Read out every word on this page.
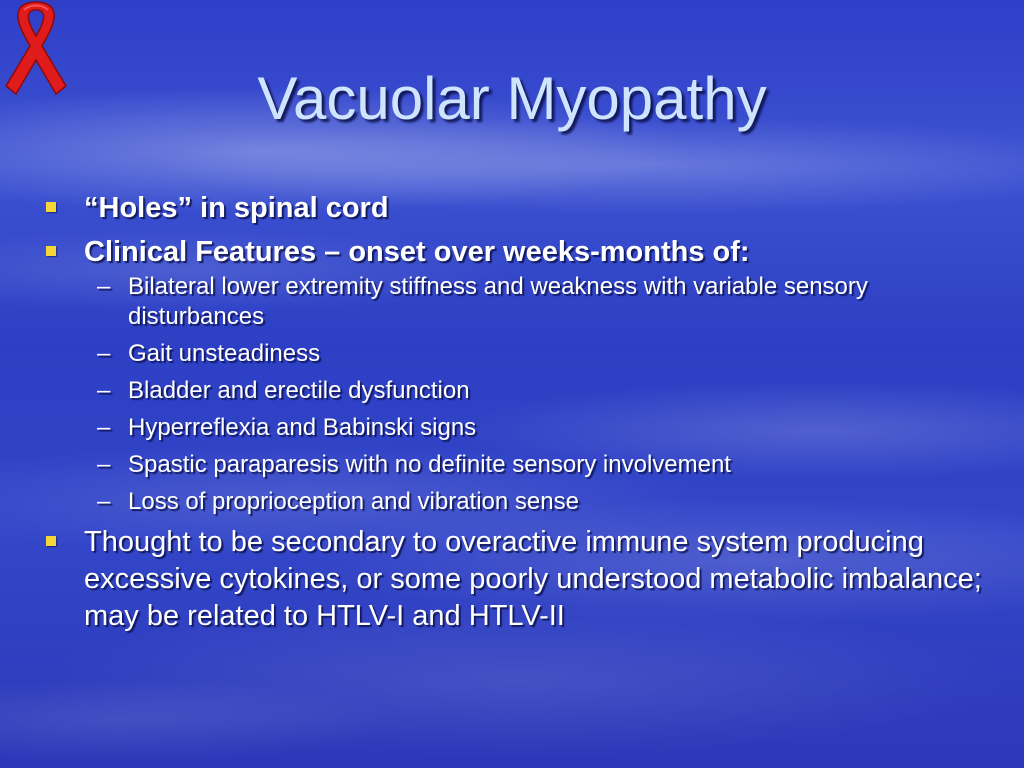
Vacuolar Myopathy
“Holes” in spinal cord
Clinical Features – onset over weeks-months of:
– Bilateral lower extremity stiffness and weakness with variable sensory disturbances
– Gait unsteadiness
– Bladder and erectile dysfunction
– Hyperreflexia and Babinski signs
– Spastic paraparesis with no definite sensory involvement
– Loss of proprioception and vibration sense
Thought to be secondary to overactive immune system producing excessive cytokines, or some poorly understood metabolic imbalance; may be related to HTLV-I and HTLV-II
